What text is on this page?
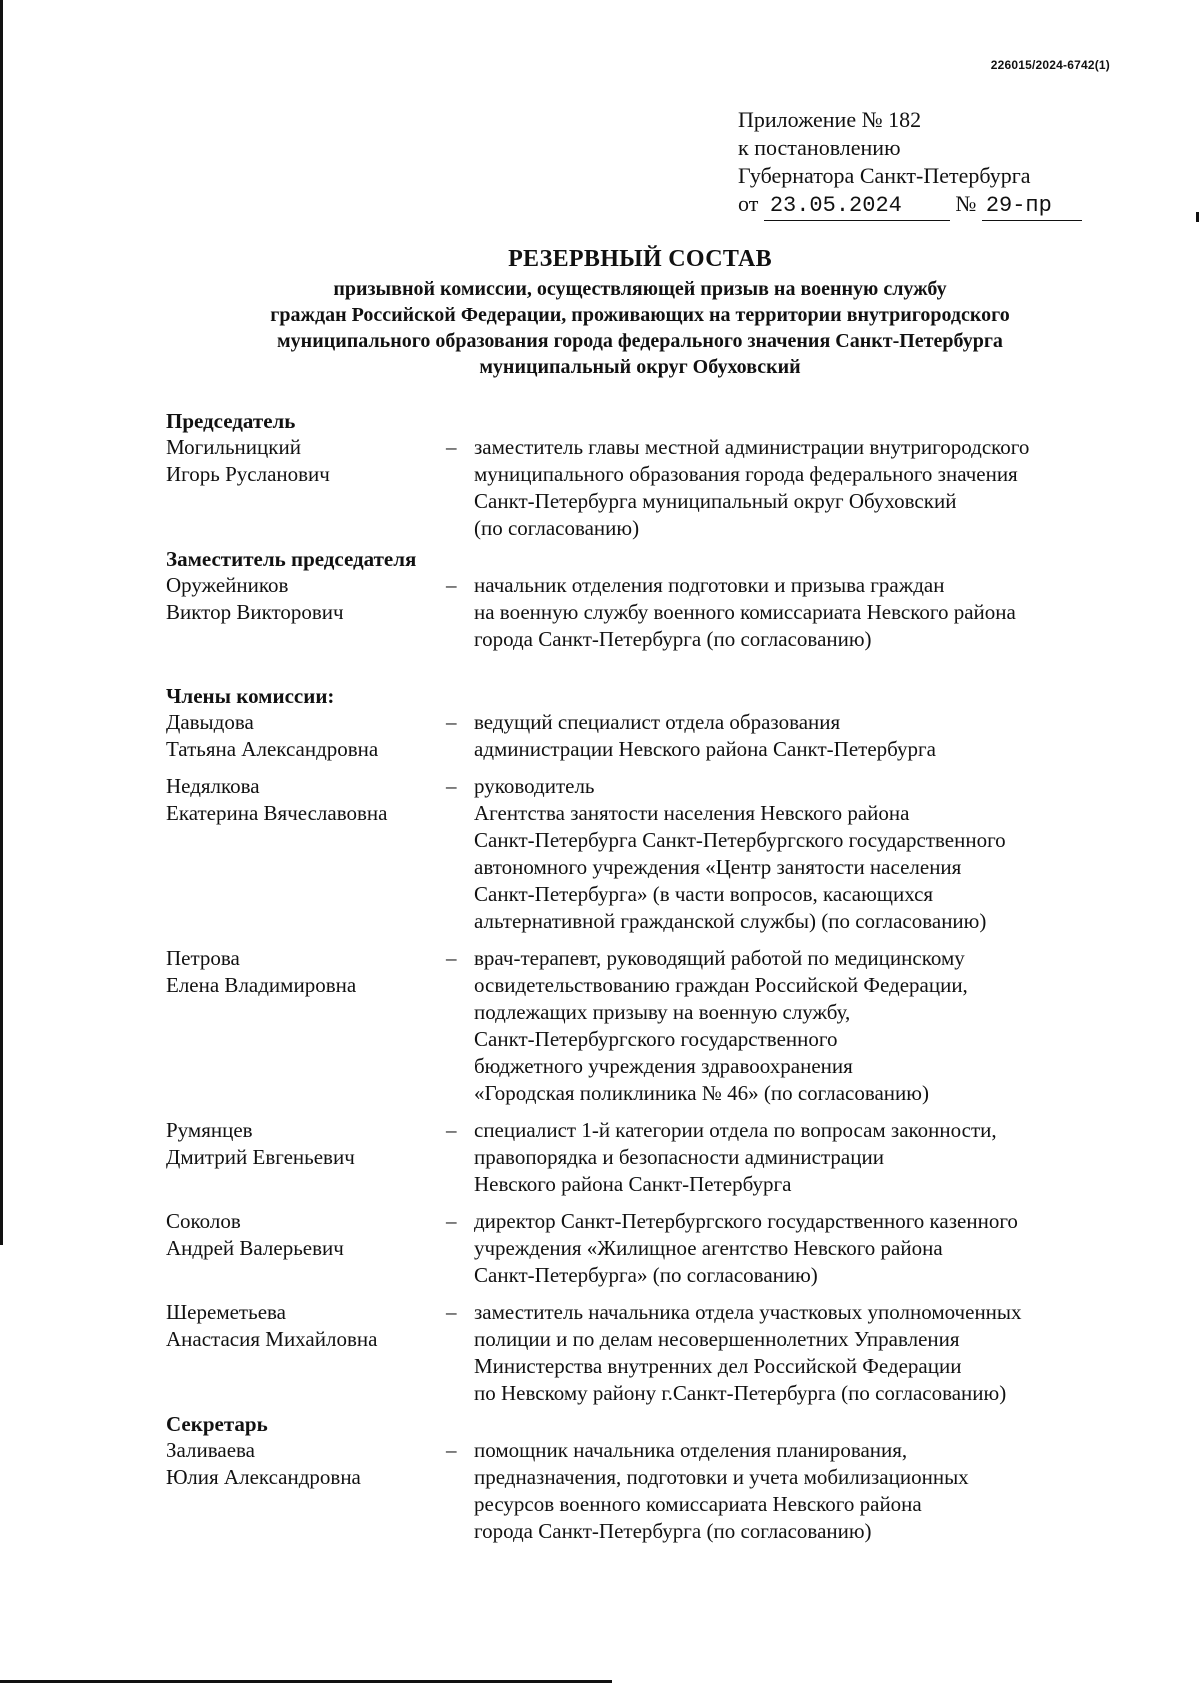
226015/2024-6742(1)
Приложение № 182
к постановлению
Губернатора Санкт-Петербурга
от 23.05.2024 № 29-пр
РЕЗЕРВНЫЙ СОСТАВ
призывной комиссии, осуществляющей призыв на военную службу
граждан Российской Федерации, проживающих на территории внутригородского
муниципального образования города федерального значения Санкт-Петербурга
муниципальный округ Обуховский
Председатель
Могильницкий
Игорь Русланович
– заместитель главы местной администрации внутригородского
муниципального образования города федерального значения
Санкт-Петербурга муниципальный округ Обуховский
(по согласованию)
Заместитель председателя
Оружейников
Виктор Викторович
– начальник отделения подготовки и призыва граждан
на военную службу военного комиссариата Невского района
города Санкт-Петербурга (по согласованию)
Члены комиссии:
Давыдова
Татьяна Александровна
– ведущий специалист отдела образования
администрации Невского района Санкт-Петербурга
Недялкова
Екатерина Вячеславовна
– руководитель
Агентства занятости населения Невского района
Санкт-Петербурга Санкт-Петербургского государственного
автономного учреждения «Центр занятости населения
Санкт-Петербурга» (в части вопросов, касающихся
альтернативной гражданской службы) (по согласованию)
Петрова
Елена Владимировна
– врач-терапевт, руководящий работой по медицинскому
освидетельствованию граждан Российской Федерации,
подлежащих призыву на военную службу,
Санкт-Петербургского государственного
бюджетного учреждения здравоохранения
«Городская поликлиника № 46» (по согласованию)
Румянцев
Дмитрий Евгеньевич
– специалист 1-й категории отдела по вопросам законности,
правопорядка и безопасности администрации
Невского района Санкт-Петербурга
Соколов
Андрей Валерьевич
– директор Санкт-Петербургского государственного казенного
учреждения «Жилищное агентство Невского района
Санкт-Петербурга» (по согласованию)
Шереметьева
Анастасия Михайловна
– заместитель начальника отдела участковых уполномоченных
полиции и по делам несовершеннолетних Управления
Министерства внутренних дел Российской Федерации
по Невскому району г.Санкт-Петербурга (по согласованию)
Секретарь
Заливаева
Юлия Александровна
– помощник начальника отделения планирования,
предназначения, подготовки и учета мобилизационных
ресурсов военного комиссариата Невского района
города Санкт-Петербурга (по согласованию)
